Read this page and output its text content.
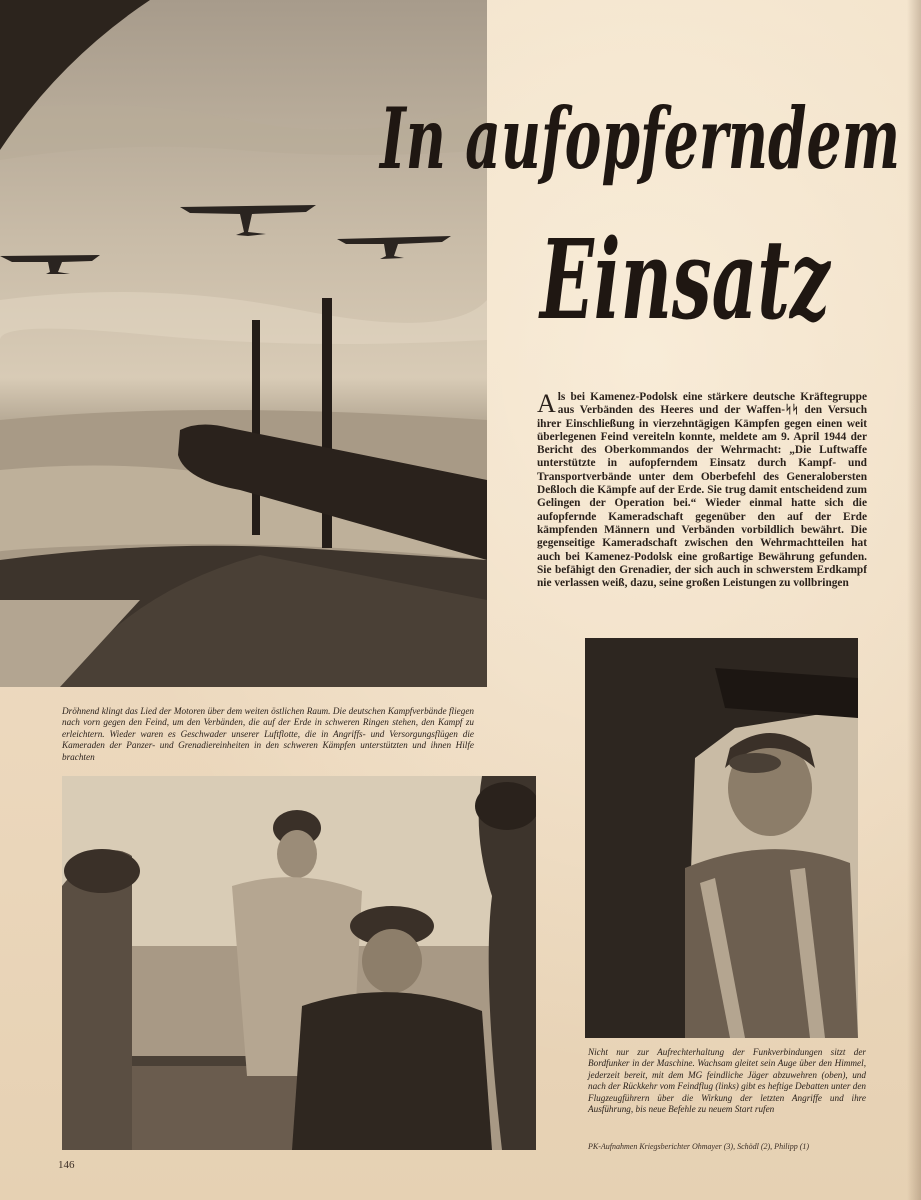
In aufopferndem
Einsatz

Als bei Kamenez-Podolsk eine stärkere deutsche Kräftegruppe aus Verbänden des Heeres und der Waffen-ᛋᛋ den Versuch ihrer Einschließung in vierzehntägigen Kämpfen gegen einen weit überlegenen Feind vereiteln konnte, meldete am 9. April 1944 der Bericht des Oberkommandos der Wehrmacht: „Die Luftwaffe unterstützte in aufopferndem Einsatz durch Kampf- und Transportverbände unter dem Oberbefehl des Generalobersten Deßloch die Kämpfe auf der Erde. Sie trug damit entscheidend zum Gelingen der Operation bei.“ Wieder einmal hatte sich die aufopfernde Kameradschaft gegenüber den auf der Erde kämpfenden Männern und Verbänden vorbildlich bewährt. Die gegenseitige Kameradschaft zwischen den Wehrmachtteilen hat auch bei Kamenez-Podolsk eine großartige Bewährung gefunden. Sie befähigt den Grenadier, der sich auch in schwerstem Erdkampf nie verlassen weiß, dazu, seine großen Leistungen zu vollbringen

Dröhnend klingt das Lied der Motoren über dem weiten östlichen Raum. Die deutschen Kampfverbände fliegen nach vorn gegen den Feind, um den Verbänden, die auf der Erde in schweren Ringen stehen, den Kampf zu erleichtern. Wieder waren es Geschwader unserer Luftflotte, die in Angriffs- und Versorgungsflügen die Kameraden der Panzer- und Grenadiereinheiten in den schweren Kämpfen unterstützten und ihnen Hilfe brachten

Nicht nur zur Aufrechterhaltung der Funkverbindungen sitzt der Bordfunker in der Maschine. Wachsam gleitet sein Auge über den Himmel, jederzeit bereit, mit dem MG feindliche Jäger abzuwehren (oben), und nach der Rückkehr vom Feindflug (links) gibt es heftige Debatten unter den Flugzeugführern über die Wirkung der letzten Angriffe und ihre Ausführung, bis neue Befehle zu neuem Start rufen

PK-Aufnahmen Kriegsberichter Ohmayer (3), Schödl (2), Philipp (1)
146
